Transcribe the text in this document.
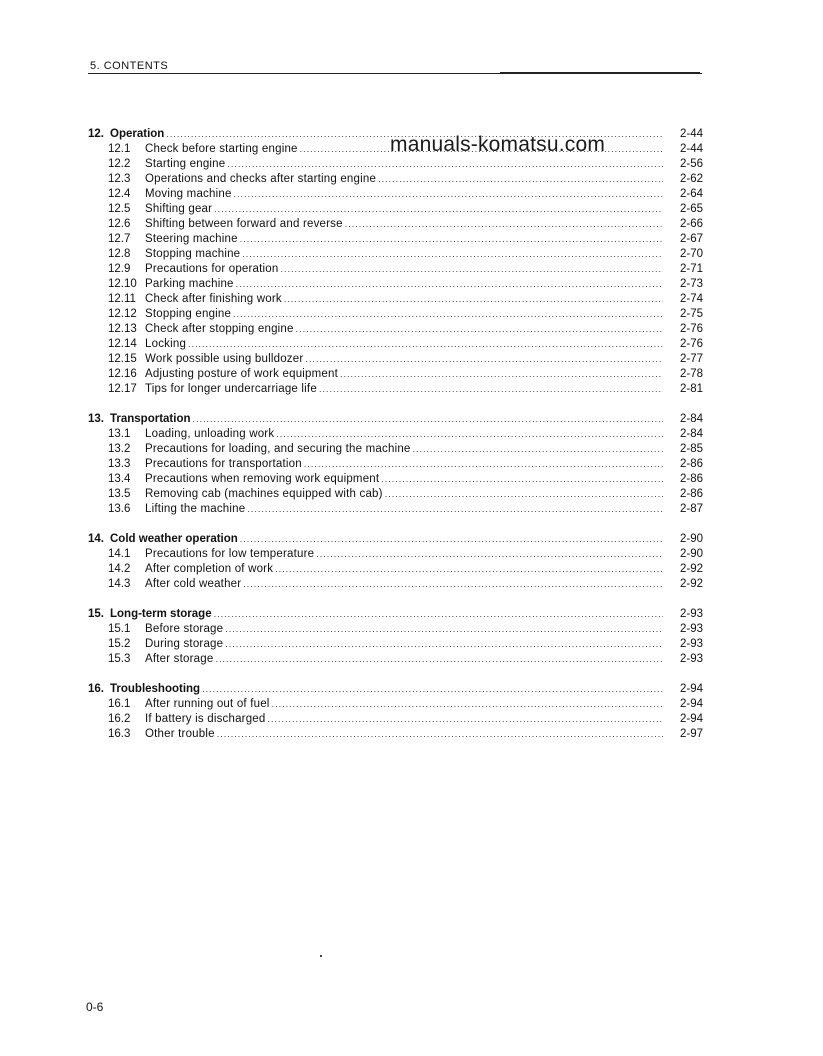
5. CONTENTS
12. Operation .....	2-44
12.1	Check before starting engine .....	2-44
12.2	Starting engine .....	2-56
12.3	Operations and checks after starting engine .....	2-62
12.4	Moving machine .....	2-64
12.5	Shifting gear .....	2-65
12.6	Shifting between forward and reverse .....	2-66
12.7	Steering machine .....	2-67
12.8	Stopping machine .....	2-70
12.9	Precautions for operation .....	2-71
12.10 Parking machine .....	2-73
12.11 Check after finishing work .....	2-74
12.12 Stopping engine .....	2-75
12.13 Check after stopping engine .....	2-76
12.14 Locking .....	2-76
12.15 Work possible using bulldozer .....	2-77
12.16 Adjusting posture of work equipment .....	2-78
12.17 Tips for longer undercarriage life .....	2-81
13. Transportation .....	2-84
13.1	Loading, unloading work .....	2-84
13.2	Precautions for loading, and securing the machine .....	2-85
13.3	Precautions for transportation .....	2-86
13.4	Precautions when removing work equipment .....	2-86
13.5	Removing cab (machines equipped with cab) .....	2-86
13.6	Lifting the machine .....	2-87
14. Cold weather operation .....	2-90
14.1	Precautions for low temperature .....	2-90
14.2	After completion of work .....	2-92
14.3	After cold weather .....	2-92
15. Long-term storage .....	2-93
15.1	Before storage .....	2-93
15.2	During storage .....	2-93
15.3	After storage .....	2-93
16. Troubleshooting .....	2-94
16.1	After running out of fuel .....	2-94
16.2	If battery is discharged .....	2-94
16.3	Other trouble .....	2-97
manuals-komatsu.com
0-6
